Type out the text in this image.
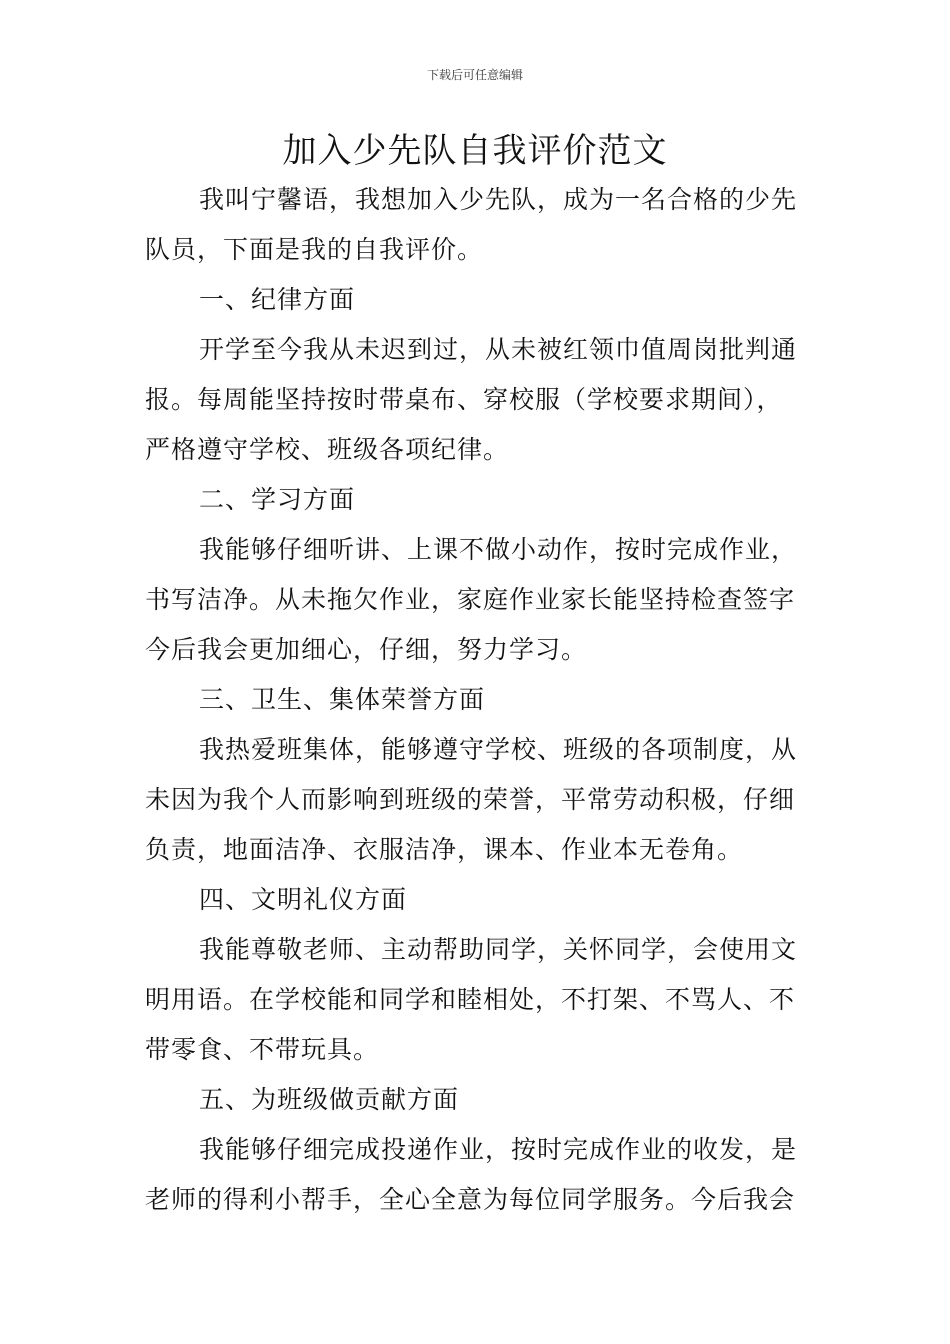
下载后可任意编辑
加入少先队自我评价范文
我叫宁馨语，我想加入少先队，成为一名合格的少先
队员，下面是我的自我评价。
一、纪律方面
开学至今我从未迟到过，从未被红领巾值周岗批判通
报。每周能坚持按时带桌布、穿校服（学校要求期间），
严格遵守学校、班级各项纪律。
二、学习方面
我能够仔细听讲、上课不做小动作，按时完成作业，
书写洁净。从未拖欠作业，家庭作业家长能坚持检查签字
今后我会更加细心，仔细，努力学习。
三、卫生、集体荣誉方面
我热爱班集体，能够遵守学校、班级的各项制度，从
未因为我个人而影响到班级的荣誉，平常劳动积极，仔细
负责，地面洁净、衣服洁净，课本、作业本无卷角。
四、文明礼仪方面
我能尊敬老师、主动帮助同学，关怀同学，会使用文
明用语。在学校能和同学和睦相处，不打架、不骂人、不
带零食、不带玩具。
五、为班级做贡献方面
我能够仔细完成投递作业，按时完成作业的收发，是
老师的得利小帮手，全心全意为每位同学服务。今后我会
